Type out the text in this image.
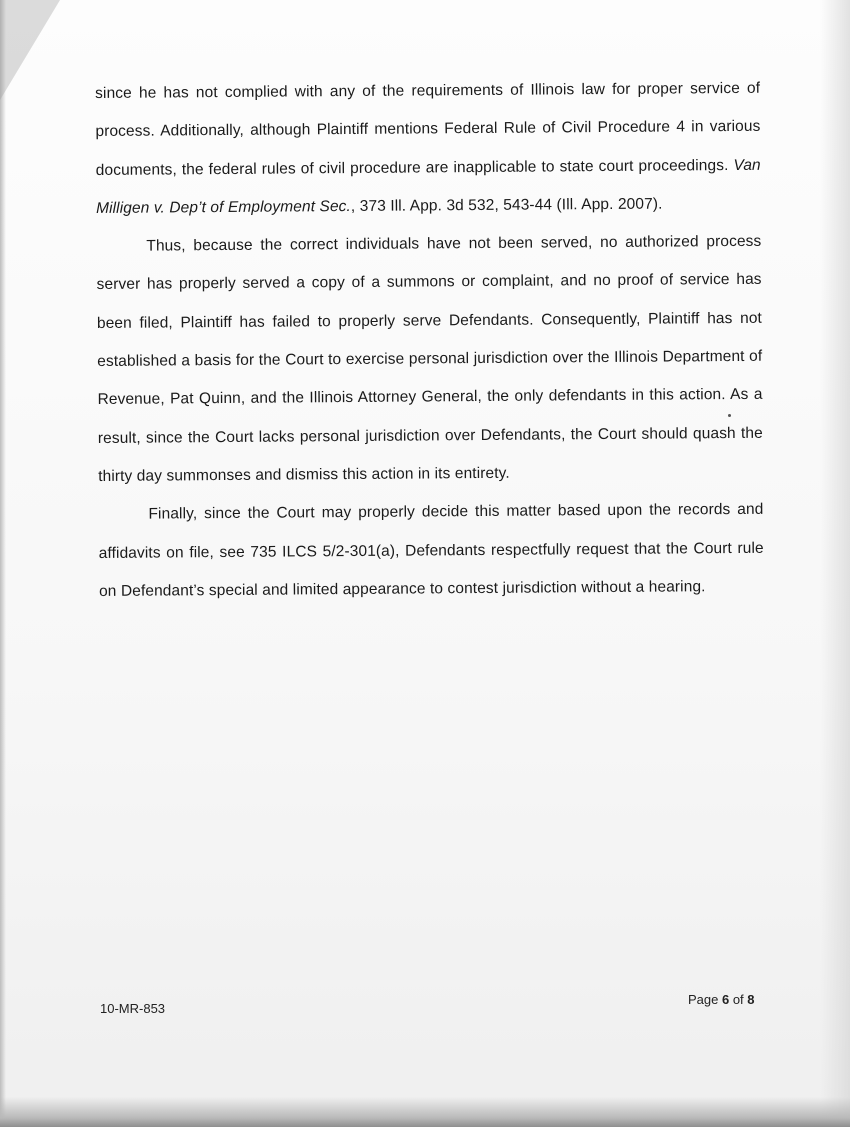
since he has not complied with any of the requirements of Illinois law for proper service of process. Additionally, although Plaintiff mentions Federal Rule of Civil Procedure 4 in various documents, the federal rules of civil procedure are inapplicable to state court proceedings. Van Milligen v. Dep’t of Employment Sec., 373 Ill. App. 3d 532, 543-44 (Ill. App. 2007).

Thus, because the correct individuals have not been served, no authorized process server has properly served a copy of a summons or complaint, and no proof of service has been filed, Plaintiff has failed to properly serve Defendants. Consequently, Plaintiff has not established a basis for the Court to exercise personal jurisdiction over the Illinois Department of Revenue, Pat Quinn, and the Illinois Attorney General, the only defendants in this action. As a result, since the Court lacks personal jurisdiction over Defendants, the Court should quash the thirty day summonses and dismiss this action in its entirety.

Finally, since the Court may properly decide this matter based upon the records and affidavits on file, see 735 ILCS 5/2-301(a), Defendants respectfully request that the Court rule on Defendant’s special and limited appearance to contest jurisdiction without a hearing.

10-MR-853
Page 6 of 8
